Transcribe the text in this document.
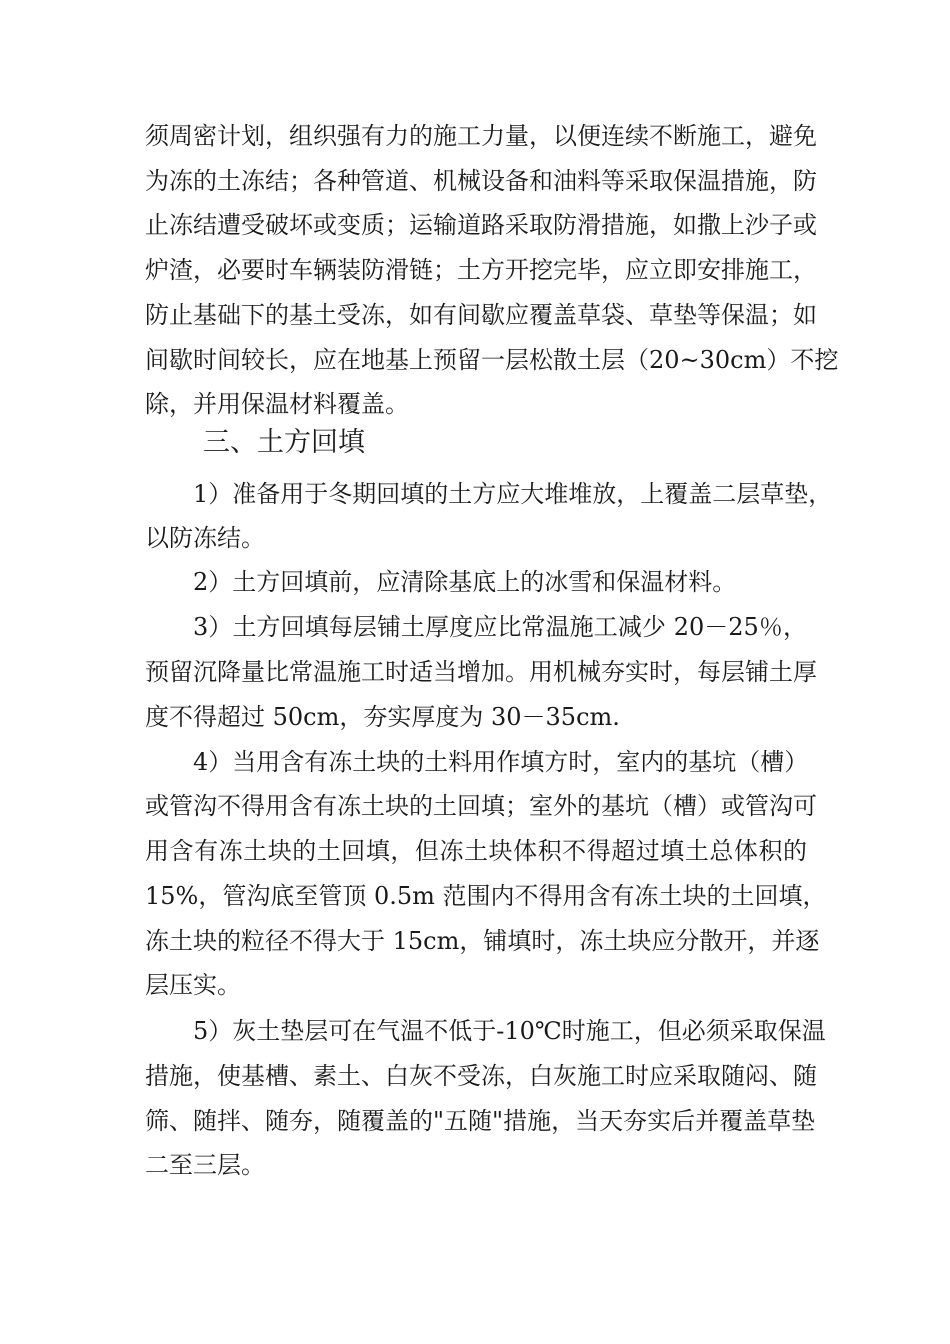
须周密计划，组织强有力的施工力量，以便连续不断施工，避免
为冻的土冻结；各种管道、机械设备和油料等采取保温措施，防
止冻结遭受破坏或变质；运输道路采取防滑措施，如撒上沙子或
炉渣，必要时车辆装防滑链；土方开挖完毕，应立即安排施工，
防止基础下的基土受冻，如有间歇应覆盖草袋、草垫等保温；如
间歇时间较长，应在地基上预留一层松散土层（20~30cm）不挖
除，并用保温材料覆盖。
三、土方回填
1）准备用于冬期回填的土方应大堆堆放，上覆盖二层草垫，
以防冻结。
2）土方回填前，应清除基底上的冰雪和保温材料。
3）土方回填每层铺土厚度应比常温施工减少 20－25％，
预留沉降量比常温施工时适当增加。用机械夯实时，每层铺土厚
度不得超过 50cm，夯实厚度为 30－35cm.
4）当用含有冻土块的土料用作填方时，室内的基坑（槽）
或管沟不得用含有冻土块的土回填；室外的基坑（槽）或管沟可
用含有冻土块的土回填，但冻土块体积不得超过填土总体积的
15%，管沟底至管顶 0.5m 范围内不得用含有冻土块的土回填，
冻土块的粒径不得大于 15cm，铺填时，冻土块应分散开，并逐
层压实。
5）灰土垫层可在气温不低于-10℃时施工，但必须采取保温
措施，使基槽、素土、白灰不受冻，白灰施工时应采取随闷、随
筛、随拌、随夯，随覆盖的"五随"措施，当天夯实后并覆盖草垫
二至三层。
